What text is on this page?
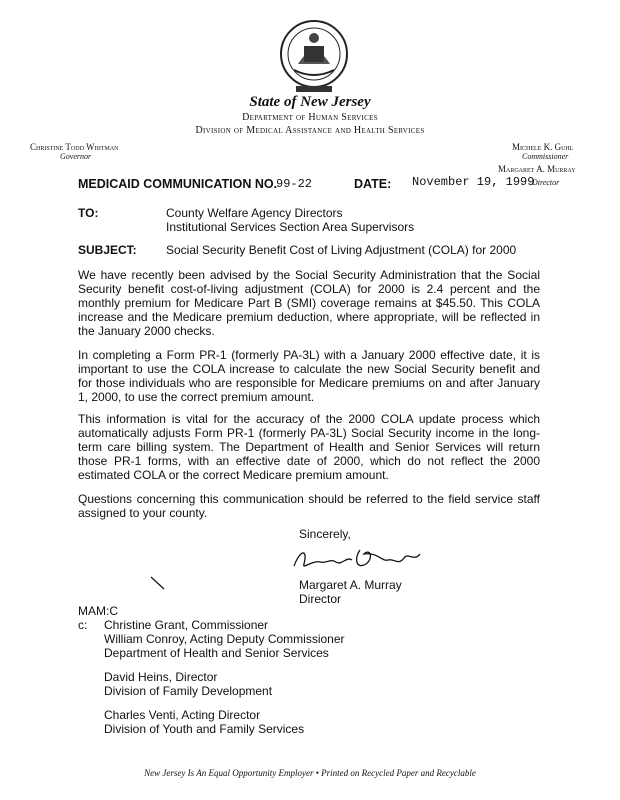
State of New Jersey
Department of Human Services
Division of Medical Assistance and Health Services
Christine Todd Whitman
Governor
Michele K. Guhl
Commissioner
Margaret A. Murray
MEDICAID COMMUNICATION NO.
99-22	DATE: November 19, 1999
Director
TO:	County Welfare Agency Directors
Institutional Services Section Area Supervisors
SUBJECT: Social Security Benefit Cost of Living Adjustment (COLA) for 2000
We have recently been advised by the Social Security Administration that the Social Security benefit cost-of-living adjustment (COLA) for 2000 is 2.4 percent and the monthly premium for Medicare Part B (SMI) coverage remains at $45.50. This COLA increase and the Medicare premium deduction, where appropriate, will be reflected in the January 2000 checks.
In completing a Form PR-1 (formerly PA-3L) with a January 2000 effective date, it is important to use the COLA increase to calculate the new Social Security benefit and for those individuals who are responsible for Medicare premiums on and after January 1, 2000, to use the correct premium amount.
This information is vital for the accuracy of the 2000 COLA update process which automatically adjusts Form PR-1 (formerly PA-3L) Social Security income in the long-term care billing system. The Department of Health and Senior Services will return those PR-1 forms, with an effective date of 2000, which do not reflect the 2000 estimated COLA or the correct Medicare premium amount.
Questions concerning this communication should be referred to the field service staff assigned to your county.
Sincerely,
Margaret A. Murray
Director
MAM:C
c: Christine Grant, Commissioner
William Conroy, Acting Deputy Commissioner
Department of Health and Senior Services
David Heins, Director
Division of Family Development
Charles Venti, Acting Director
Division of Youth and Family Services
New Jersey Is An Equal Opportunity Employer • Printed on Recycled Paper and Recyclable
